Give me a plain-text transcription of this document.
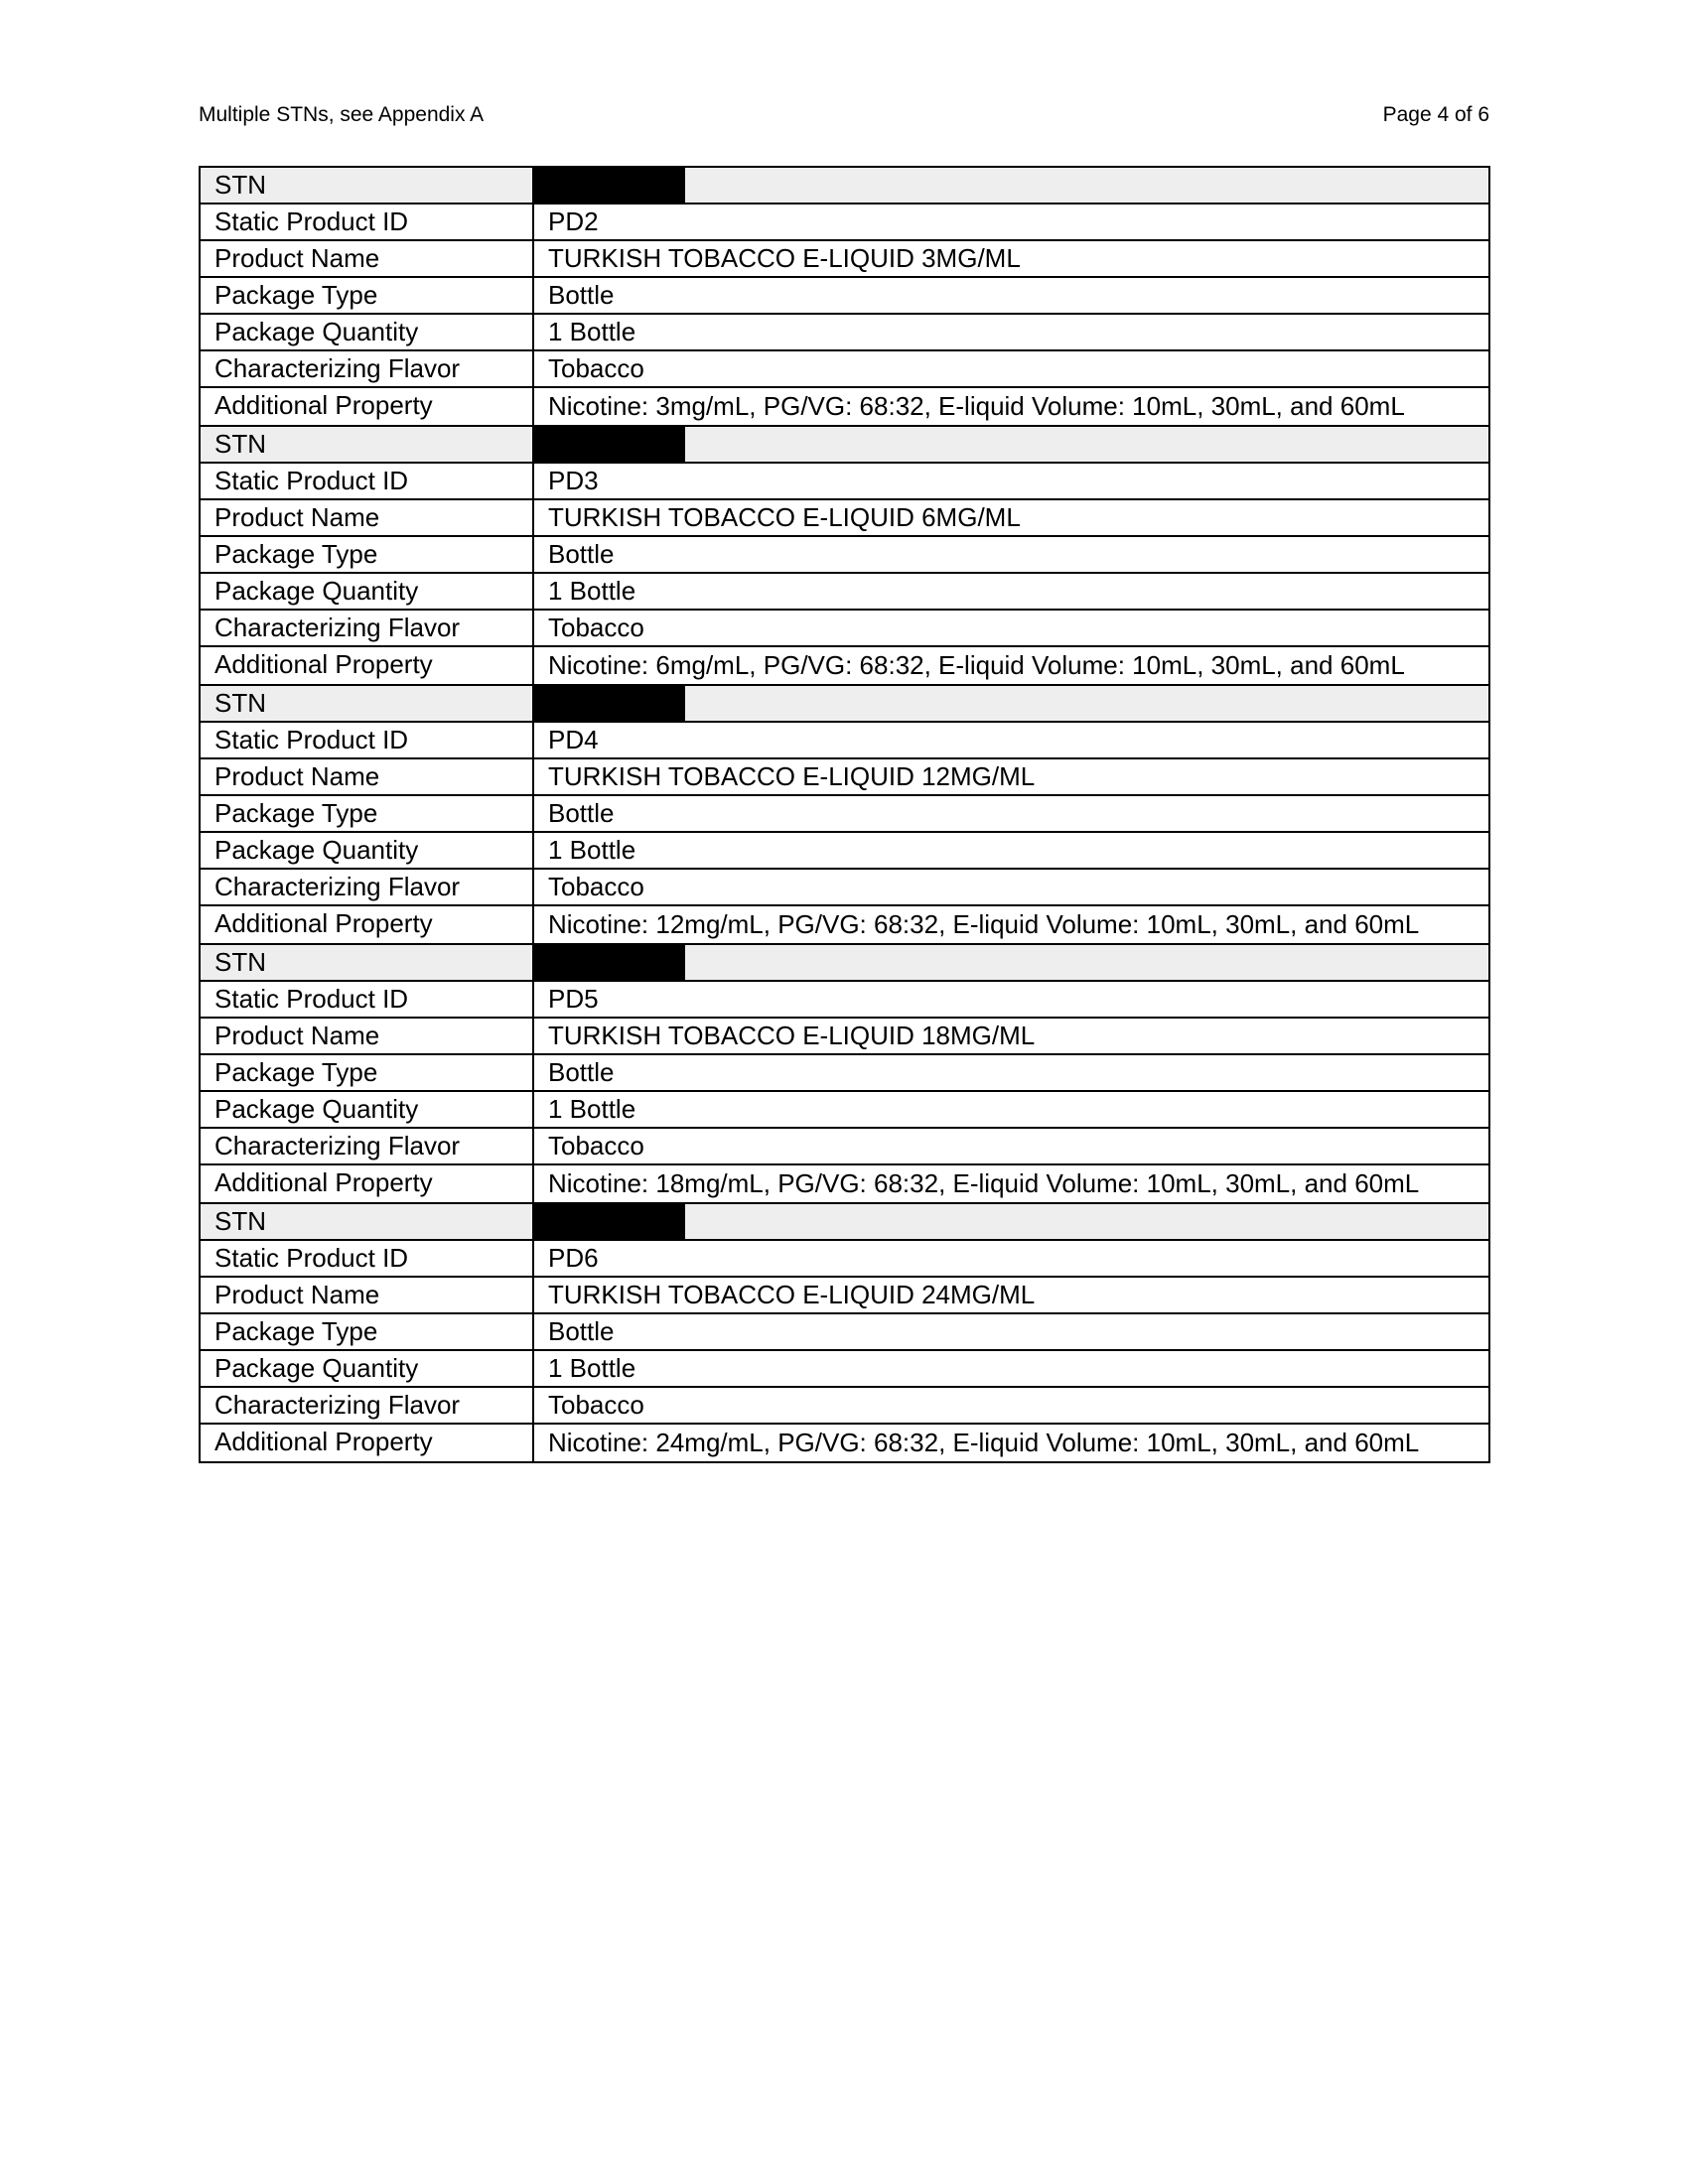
Multiple STNs, see Appendix A	Page 4 of 6
STN	

Static Product ID	PD2
Product Name	TURKISH TOBACCO E-LIQUID 3MG/ML
Package Type	Bottle
Package Quantity	1 Bottle
Characterizing Flavor	Tobacco
Additional Property	Nicotine: 3mg/mL, PG/VG: 68:32, E-liquid Volume: 10mL, 30mL, and 60mL
STN	

Static Product ID	PD3
Product Name	TURKISH TOBACCO E-LIQUID 6MG/ML
Package Type	Bottle
Package Quantity	1 Bottle
Characterizing Flavor	Tobacco
Additional Property	Nicotine: 6mg/mL, PG/VG: 68:32, E-liquid Volume: 10mL, 30mL, and 60mL
STN	

Static Product ID	PD4
Product Name	TURKISH TOBACCO E-LIQUID 12MG/ML
Package Type	Bottle
Package Quantity	1 Bottle
Characterizing Flavor	Tobacco
Additional Property	Nicotine: 12mg/mL, PG/VG: 68:32, E-liquid Volume: 10mL, 30mL, and 60mL
STN	

Static Product ID	PD5
Product Name	TURKISH TOBACCO E-LIQUID 18MG/ML
Package Type	Bottle
Package Quantity	1 Bottle
Characterizing Flavor	Tobacco
Additional Property	Nicotine: 18mg/mL, PG/VG: 68:32, E-liquid Volume: 10mL, 30mL, and 60mL
STN	

Static Product ID	PD6
Product Name	TURKISH TOBACCO E-LIQUID 24MG/ML
Package Type	Bottle
Package Quantity	1 Bottle
Characterizing Flavor	Tobacco
Additional Property	Nicotine: 24mg/mL, PG/VG: 68:32, E-liquid Volume: 10mL, 30mL, and 60mL
